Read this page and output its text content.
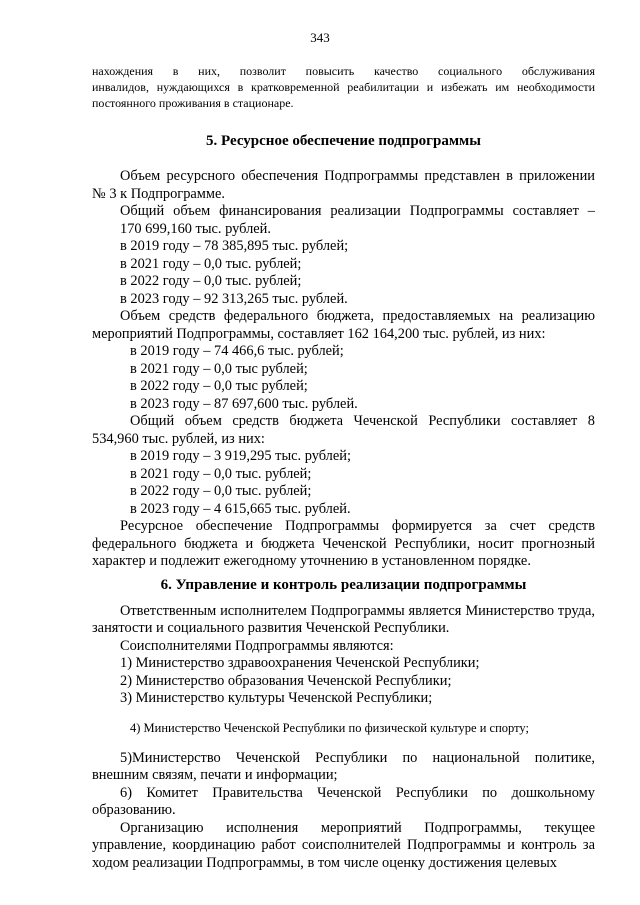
343

нахождения в них, позволит повысить качество социального обслуживания

инвалидов, нуждающихся в кратковременной реабилитации и избежать им необходимости постоянного проживания в стационаре.

5. Ресурсное обеспечение подпрограммы

Объем ресурсного обеспечения Подпрограммы представлен в приложении № 3 к Подпрограмме.

Общий объем финансирования реализации Подпрограммы составляет –

170 699,160 тыс. рублей.

в 2019 году – 78 385,895 тыс. рублей;

в 2021 году – 0,0 тыс. рублей;

в 2022 году – 0,0 тыс. рублей;

в 2023 году – 92 313,265 тыс. рублей.

Объем средств федерального бюджета, предоставляемых на реализацию мероприятий Подпрограммы, составляет 162 164,200 тыс. рублей, из них:

в 2019 году – 74 466,6 тыс. рублей;

в 2021 году – 0,0 тыс рублей;

в 2022 году – 0,0 тыс рублей;

в 2023 году – 87 697,600 тыс. рублей.

Общий объем средств бюджета Чеченской Республики составляет 8 534,960 тыс. рублей, из них:

в 2019 году – 3 919,295 тыс. рублей;

в 2021 году – 0,0 тыс. рублей;

в 2022 году – 0,0 тыс. рублей;

в 2023 году – 4 615,665 тыс. рублей.

Ресурсное обеспечение Подпрограммы формируется за счет средств федерального бюджета и бюджета Чеченской Республики, носит прогнозный характер и подлежит ежегодному уточнению в установленном порядке.

6. Управление и контроль реализации подпрограммы

Ответственным исполнителем Подпрограммы является Министерство труда, занятости и социального развития Чеченской Республики.

Соисполнителями Подпрограммы являются:

1) Министерство здравоохранения Чеченской Республики;

2) Министерство образования Чеченской Республики;

3) Министерство культуры Чеченской Республики;

4) Министерство Чеченской Республики по физической культуре и спорту;

5)Министерство Чеченской Республики по национальной политике, внешним связям, печати и информации;

6) Комитет Правительства Чеченской Республики по дошкольному образованию.

Организацию исполнения мероприятий Подпрограммы, текущее управление, координацию работ соисполнителей Подпрограммы и контроль за ходом реализации Подпрограммы, в том числе оценку достижения целевых
